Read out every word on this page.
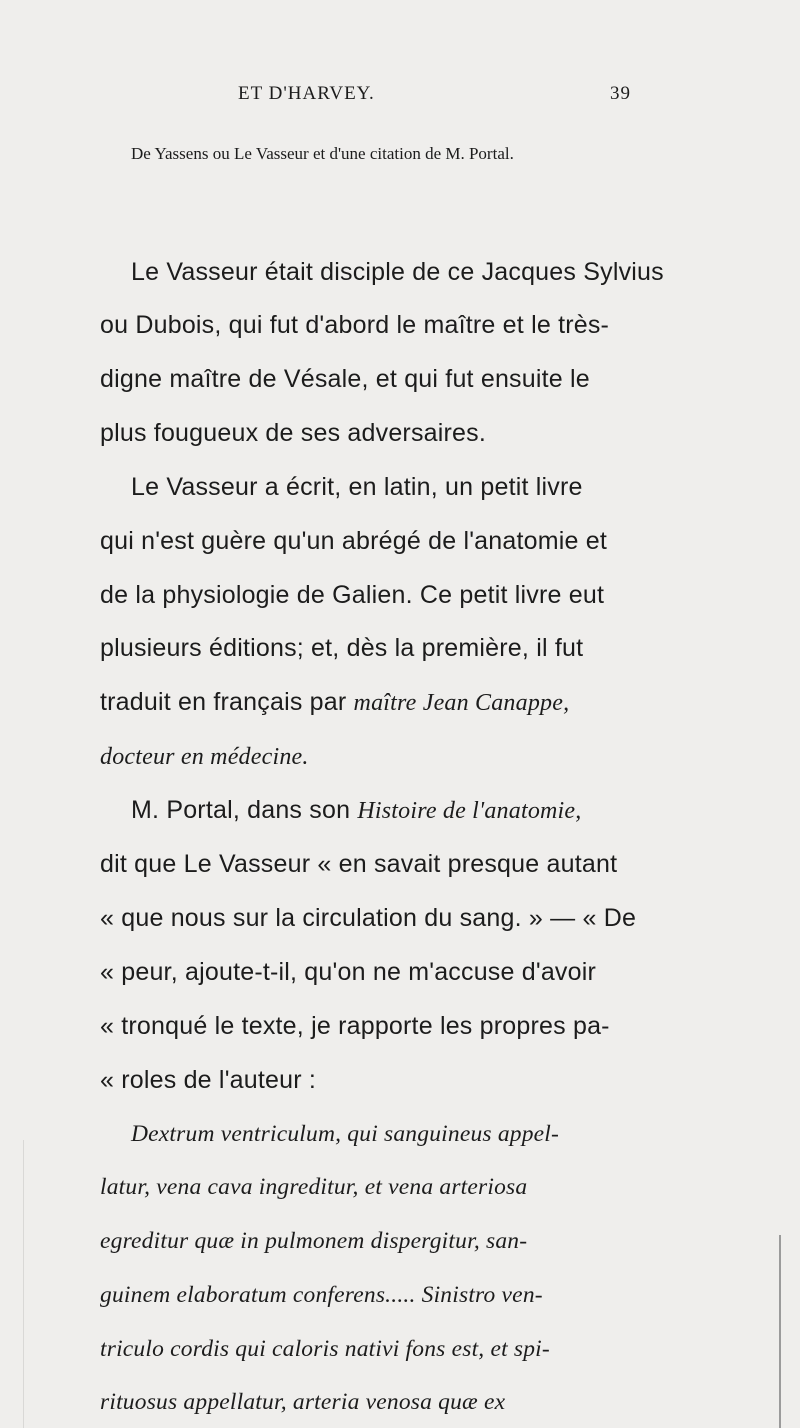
ET D'HARVEY.	39
De Yassens ou Le Vasseur et d'une citation de M. Portal.
Le Vasseur était disciple de ce Jacques Sylvius
ou Dubois, qui fut d'abord le maître et le très-
digne maître de Vésale, et qui fut ensuite le
plus fougueux de ses adversaires.
Le Vasseur a écrit, en latin, un petit livre
qui n'est guère qu'un abrégé de l'anatomie et
de la physiologie de Galien. Ce petit livre eut
plusieurs éditions; et, dès la première, il fut
traduit en français par maître Jean Canappe,
docteur en médecine.
M. Portal, dans son Histoire de l'anatomie,
dit que Le Vasseur « en savait presque autant
« que nous sur la circulation du sang. » — « De
« peur, ajoute-t-il, qu'on ne m'accuse d'avoir
« tronqué le texte, je rapporte les propres pa-
« roles de l'auteur :
Dextrum ventriculum, qui sanguineus appel-
latur, vena cava ingreditur, et vena arteriosa
egreditur quæ in pulmonem dispergitur, san-
guinem elaboratum conferens..... Sinistro ven-
triculo cordis qui caloris nativi fons est, et spi-
rituosus appellatur, arteria venosa quæ ex
